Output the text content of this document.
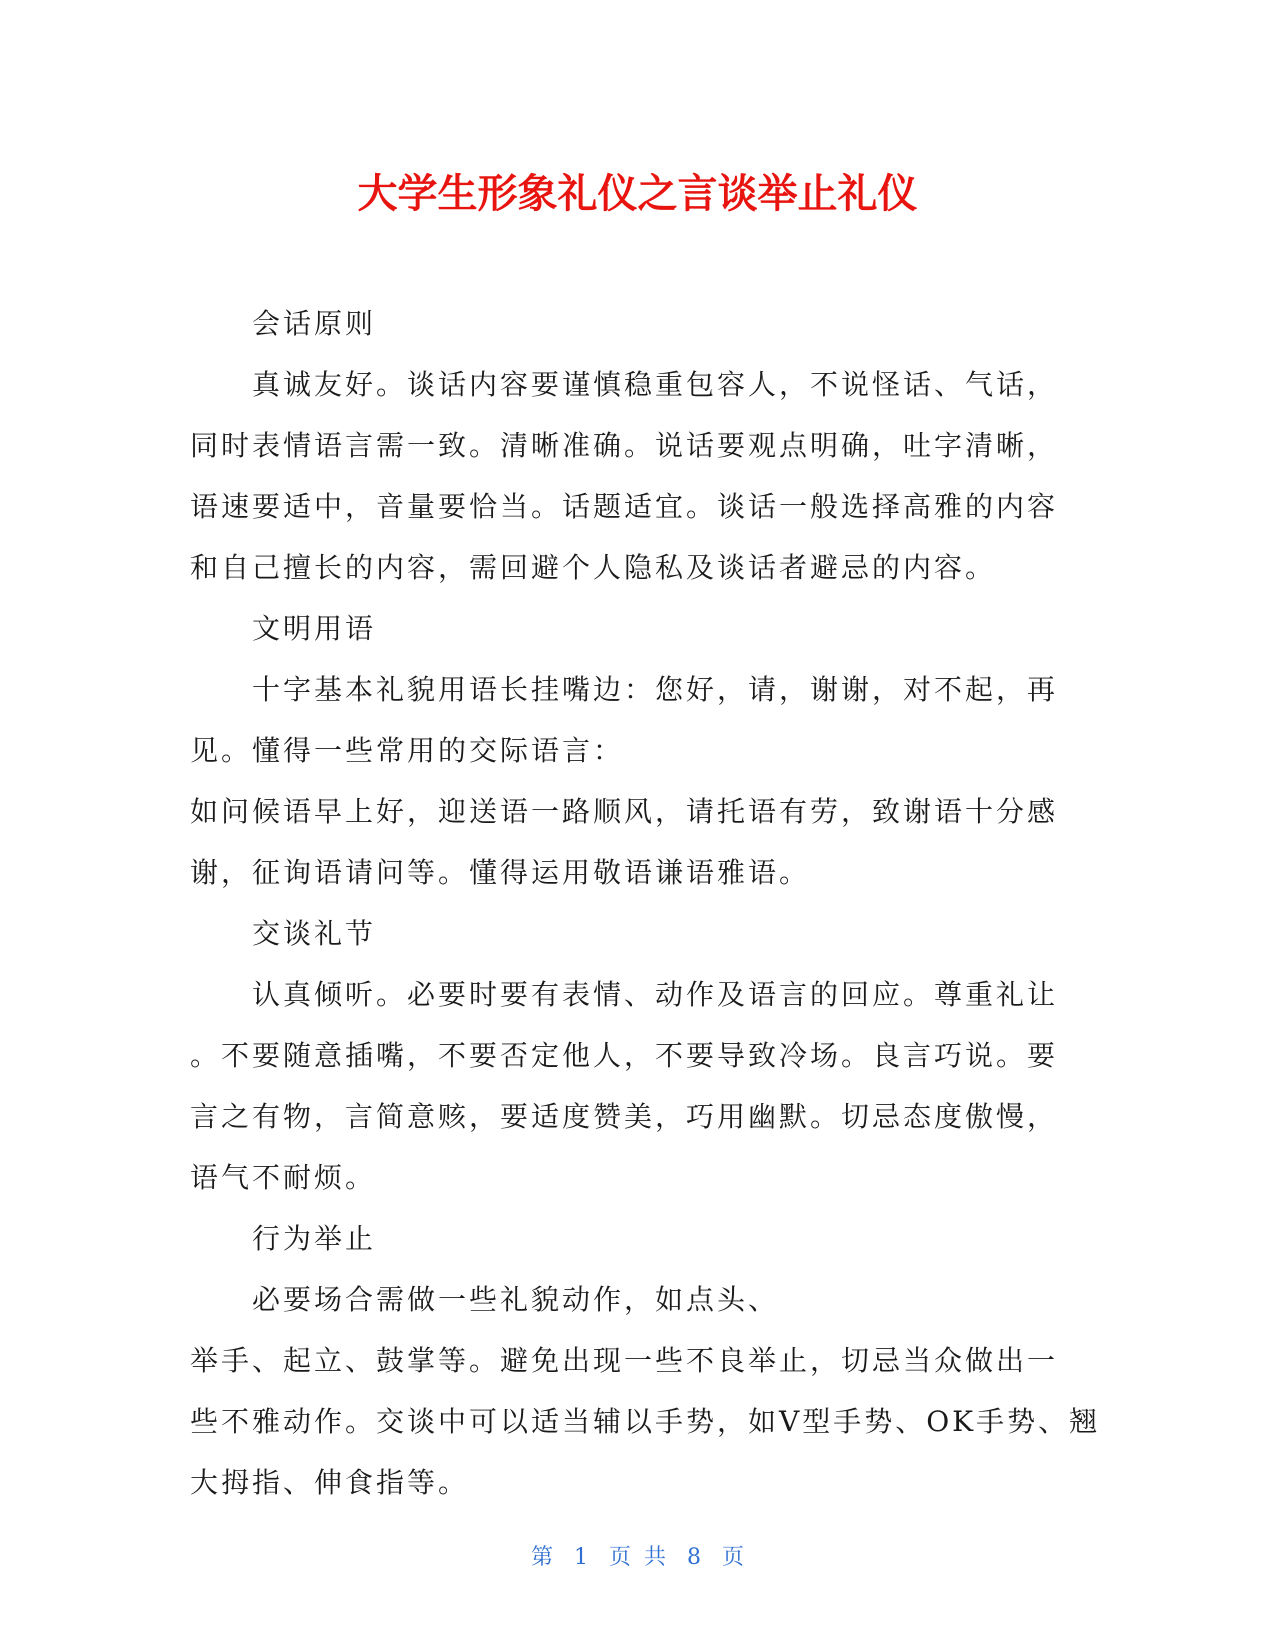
大学生形象礼仪之言谈举止礼仪
会话原则
真诚友好。谈话内容要谨慎稳重包容人，不说怪话、气话，
同时表情语言需一致。清晰准确。说话要观点明确，吐字清晰，
语速要适中，音量要恰当。话题适宜。谈话一般选择高雅的内容
和自己擅长的内容，需回避个人隐私及谈话者避忌的内容。
文明用语
十字基本礼貌用语长挂嘴边：您好，请，谢谢，对不起，再
见。懂得一些常用的交际语言：
如问候语早上好，迎送语一路顺风，请托语有劳，致谢语十分感
谢，征询语请问等。懂得运用敬语谦语雅语。
交谈礼节
认真倾听。必要时要有表情、动作及语言的回应。尊重礼让
。不要随意插嘴，不要否定他人，不要导致冷场。良言巧说。要
言之有物，言简意赅，要适度赞美，巧用幽默。切忌态度傲慢，
语气不耐烦。
行为举止
必要场合需做一些礼貌动作，如点头、
举手、起立、鼓掌等。避免出现一些不良举止，切忌当众做出一
些不雅动作。交谈中可以适当辅以手势，如V型手势、OK手势、翘
大拇指、伸食指等。
第 1 页 共 8 页
